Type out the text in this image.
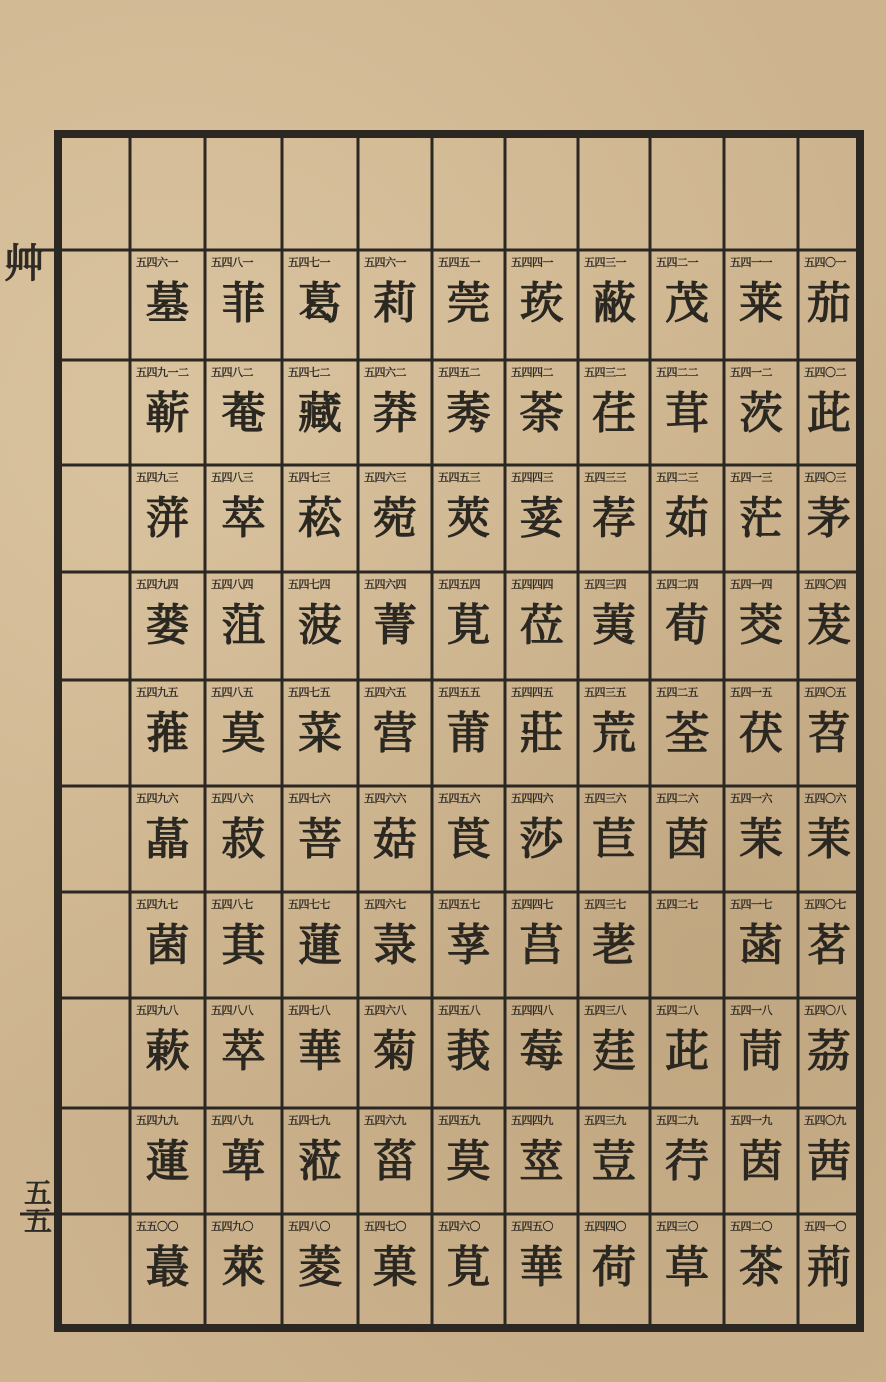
艸
五五
五四六一
墓
五四九一二
蕲
五四九三
蓱
五四九四
蒌
五四九五
蓷
五四九六
蕌
五四九七
菌
五四九八
蔌
五四九九
蓮
五五〇〇
蕞
五四八一
菲
五四八二
菴
五四八三
萃
五四八四
菹
五四八五
莫
五四八六
菽
五四八七
萁
五四八八
萃
五四八九
萆
五四九〇
萊
五四七一
葛
五四七二
藏
五四七三
菘
五四七四
菠
五四七五
菜
五四七六
菩
五四七七
蓮
五四七八
華
五四七九
蒞
五四八〇
菱
五四六一
莉
五四六二
莽
五四六三
菀
五四六四
菁
五四六五
营
五四六六
菇
五四六七
菉
五四六八
菊
五四六九
菑
五四七〇
菓
五四五一
莞
五四五二
莠
五四五三
莢
五四五四
莧
五四五五
莆
五四五六
莨
五四五七
莩
五四五八
莪
五四五九
莫
五四六〇
莧
五四四一
莰
五四四二
荼
五四四三
荽
五四四四
莅
五四四五
莊
五四四六
莎
五四四七
莒
五四四八
莓
五四四九
莖
五四五〇
華
五四三一
蔽
五四三二
荏
五四三三
荐
五四三四
荑
五四三五
荒
五四三六
苣
五四三七
荖
五四三八
莛
五四三九
荳
五四四〇
荷
五四二一
茂
五四二二
茸
五四二三
茹
五四二四
荀
五四二五
荃
五四二六
茵
五四二七
五四二八
茈
五四二九
荇
五四三〇
草
五四一一
莱
五四一二
茨
五四一三
茫
五四一四
茭
五四一五
茯
五四一六
茉
五四一七
菡
五四一八
茼
五四一九
茵
五四二〇
茶
五四〇一
茄
五四〇二
茈
五四〇三
茅
五四〇四
茇
五四〇五
苕
五四〇六
茉
五四〇七
茗
五四〇八
茘
五四〇九
茜
五四一〇
荊
